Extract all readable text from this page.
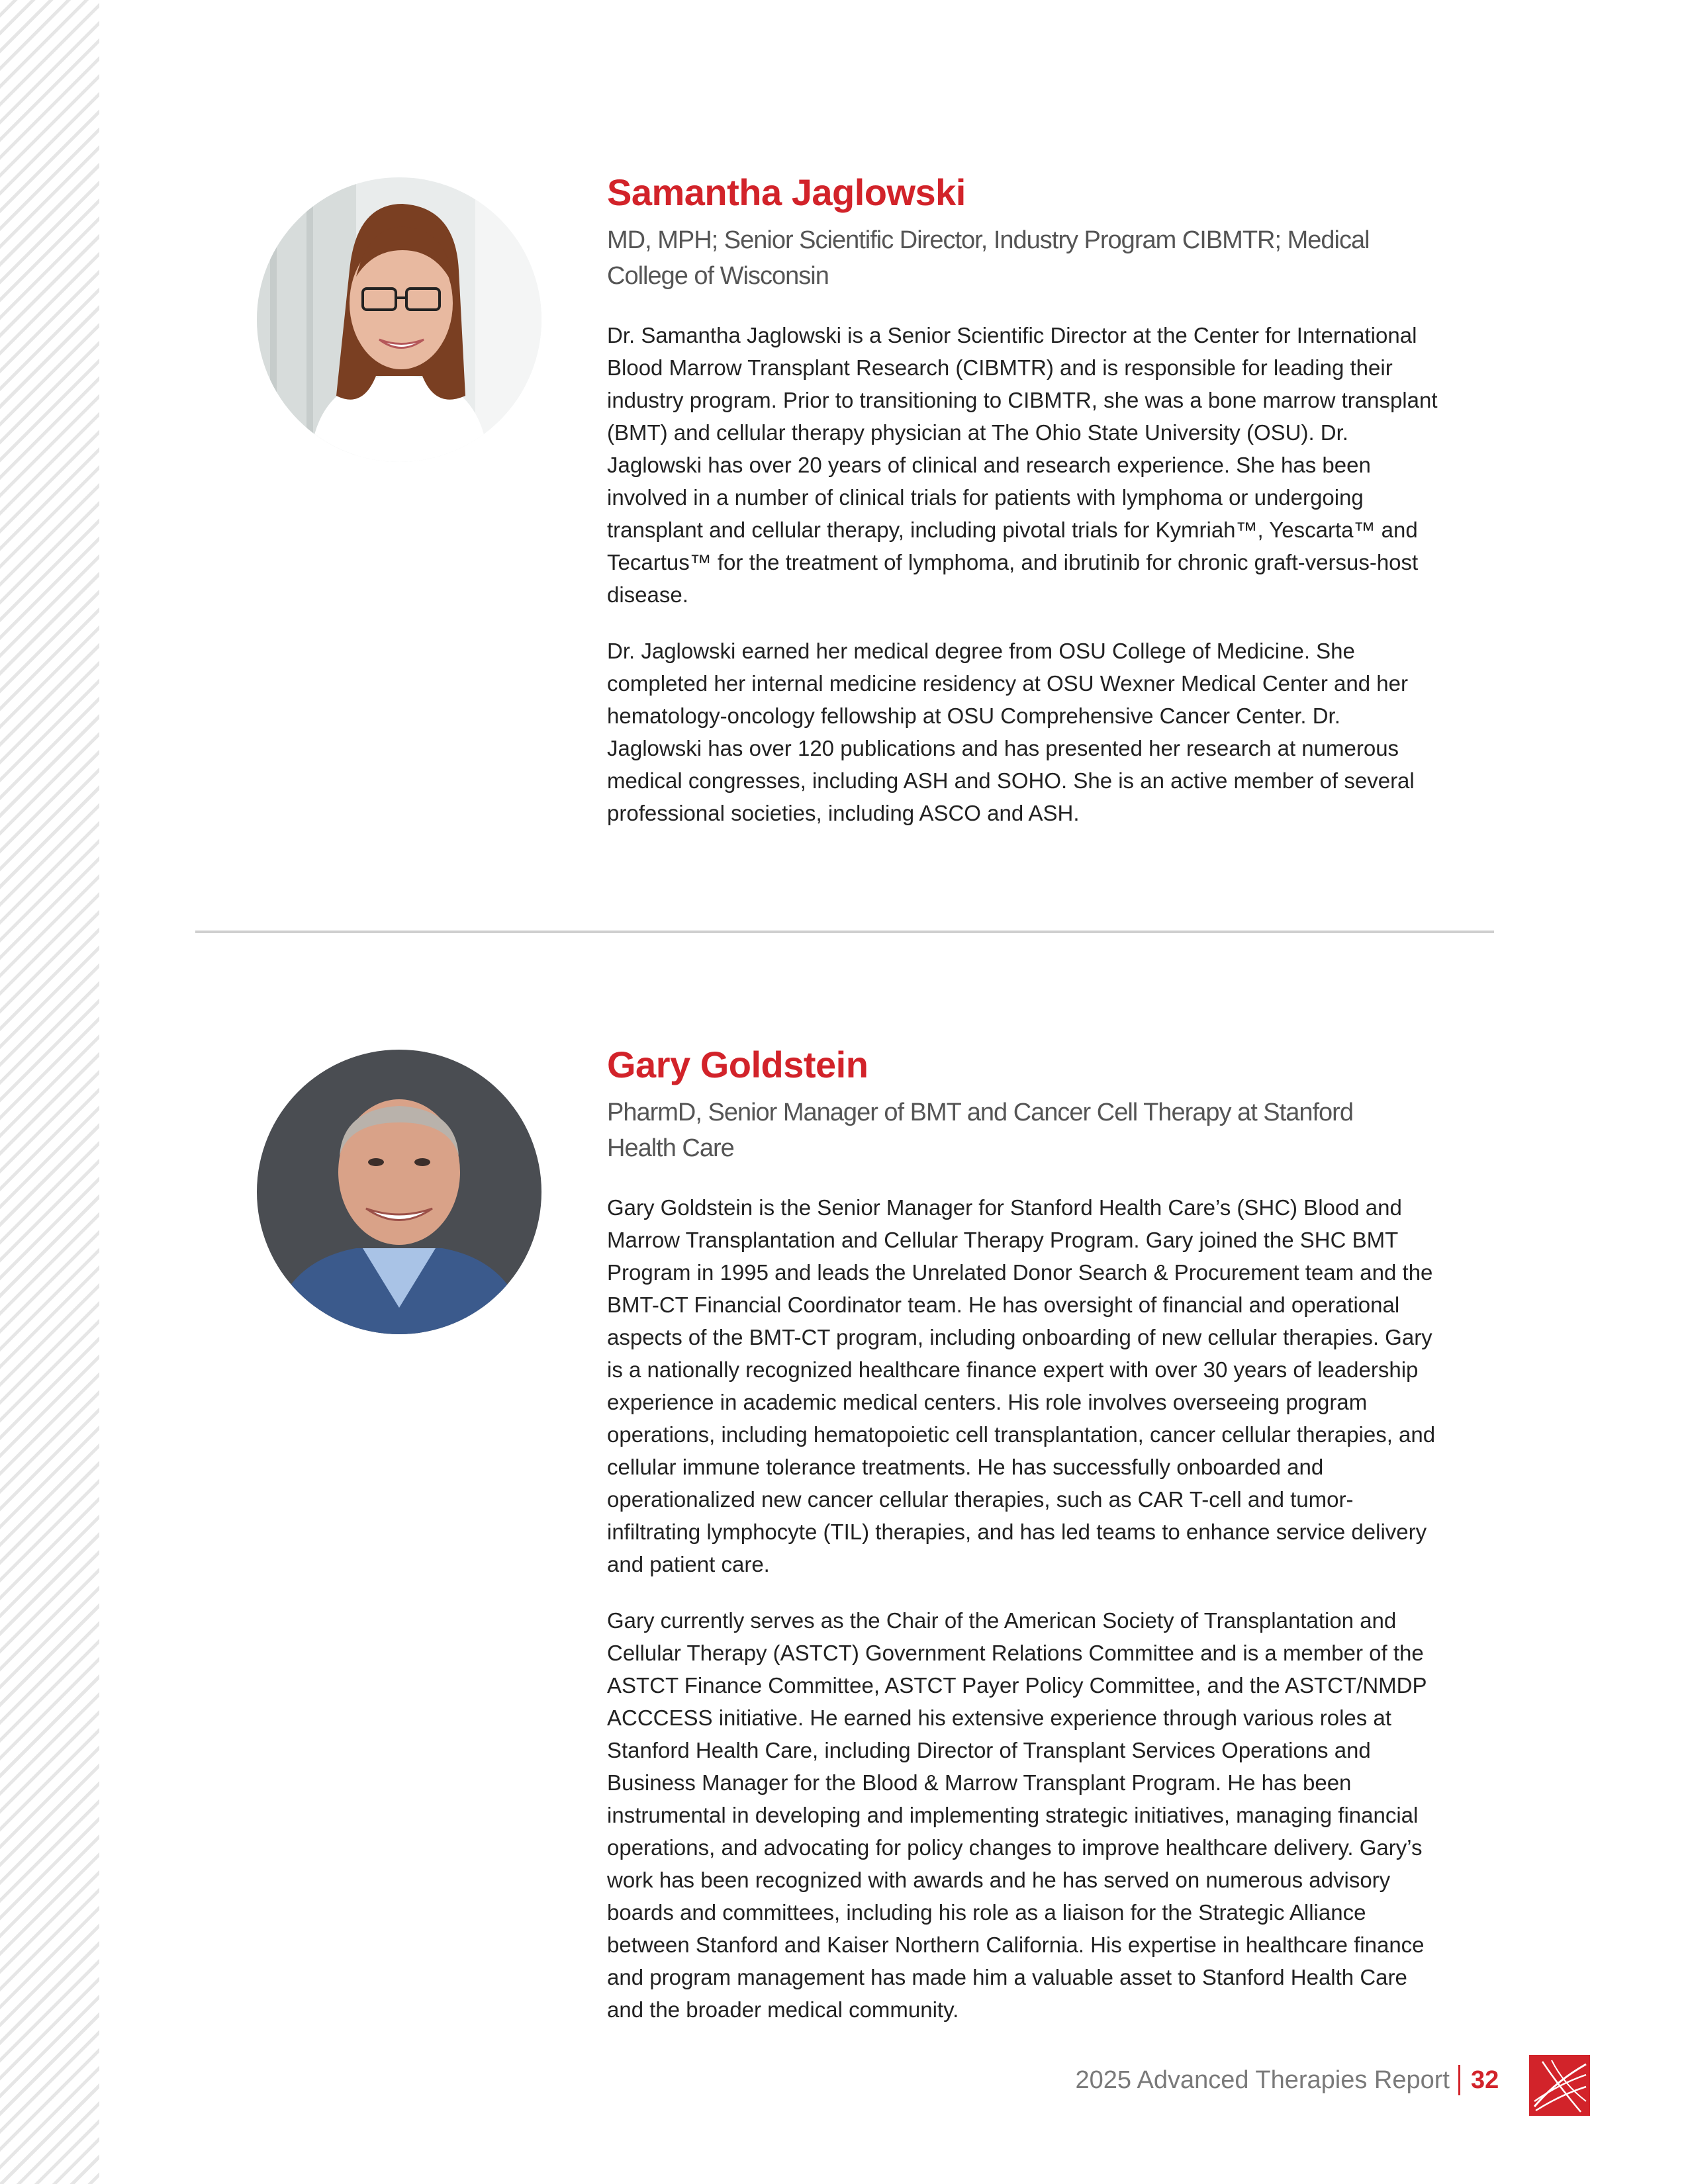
Samantha Jaglowski

MD, MPH; Senior Scientific Director, Industry Program CIBMTR; Medical College of Wisconsin

Dr. Samantha Jaglowski is a Senior Scientific Director at the Center for International Blood Marrow Transplant Research (CIBMTR) and is responsible for leading their industry program. Prior to transitioning to CIBMTR, she was a bone marrow transplant (BMT) and cellular therapy physician at The Ohio State University (OSU). Dr. Jaglowski has over 20 years of clinical and research experience. She has been involved in a number of clinical trials for patients with lymphoma or undergoing transplant and cellular therapy, including pivotal trials for Kymriah™, Yescarta™ and Tecartus™ for the treatment of lymphoma, and ibrutinib for chronic graft-versus-host disease.

Dr. Jaglowski earned her medical degree from OSU College of Medicine. She completed her internal medicine residency at OSU Wexner Medical Center and her hematology-oncology fellowship at OSU Comprehensive Cancer Center. Dr. Jaglowski has over 120 publications and has presented her research at numerous medical congresses, including ASH and SOHO. She is an active member of several professional societies, including ASCO and ASH.

Gary Goldstein

PharmD, Senior Manager of BMT and Cancer Cell Therapy at Stanford Health Care

Gary Goldstein is the Senior Manager for Stanford Health Care’s (SHC) Blood and Marrow Transplantation and Cellular Therapy Program. Gary joined the SHC BMT Program in 1995 and leads the Unrelated Donor Search & Procurement team and the BMT-CT Financial Coordinator team. He has oversight of financial and operational aspects of the BMT-CT program, including onboarding of new cellular therapies. Gary is a nationally recognized healthcare finance expert with over 30 years of leadership experience in academic medical centers. His role involves overseeing program operations, including hematopoietic cell transplantation, cancer cellular therapies, and cellular immune tolerance treatments. He has successfully onboarded and operationalized new cancer cellular therapies, such as CAR T-cell and tumor-infiltrating lymphocyte (TIL) therapies, and has led teams to enhance service delivery and patient care.

Gary currently serves as the Chair of the American Society of Transplantation and Cellular Therapy (ASTCT) Government Relations Committee and is a member of the ASTCT Finance Committee, ASTCT Payer Policy Committee, and the ASTCT/NMDP ACCCESS initiative. He earned his extensive experience through various roles at Stanford Health Care, including Director of Transplant Services Operations and Business Manager for the Blood & Marrow Transplant Program. He has been instrumental in developing and implementing strategic initiatives, managing financial operations, and advocating for policy changes to improve healthcare delivery. Gary’s work has been recognized with awards and he has served on numerous advisory boards and committees, including his role as a liaison for the Strategic Alliance between Stanford and Kaiser Northern California. His expertise in healthcare finance and program management has made him a valuable asset to Stanford Health Care and the broader medical community.

2025 Advanced Therapies Report 32
